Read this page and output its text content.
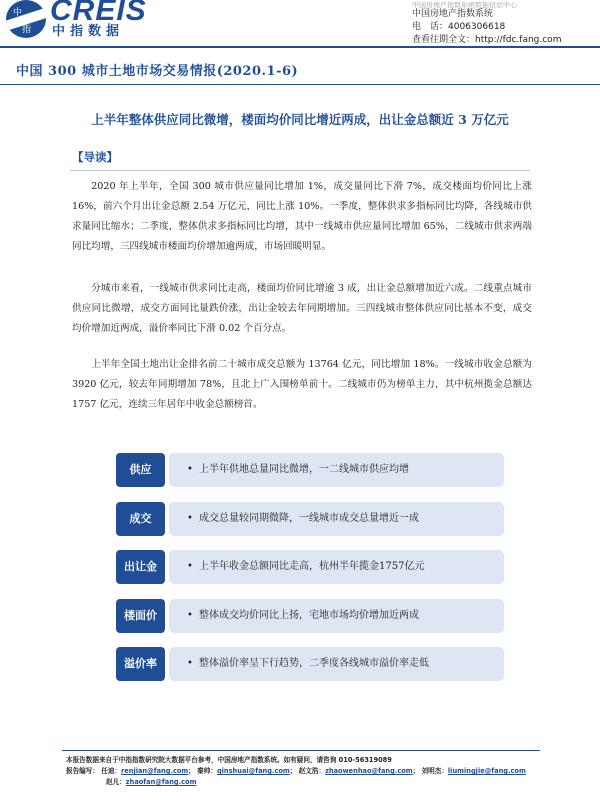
中
指
CREIS
中指数据
中国房地产指数系统数据信息中心
中国房地产指数系统
电　话：4006306618
查看往期全文：http://fdc.fang.com
中国 300 城市土地市场交易情报(2020.1-6)
上半年整体供应同比微增，楼面均价同比增近两成，出让金总额近 3 万亿元
【导读】

2020 年上半年，全国 300 城市供应量同比增加 1%，成交量同比下滑 7%，成交楼面均价同比上涨 16%，前六个月出让金总额 2.54 万亿元，同比上涨 10%。一季度，整体供求多指标同比均降，各线城市供求量同比缩水；二季度，整体供求多指标同比均增，其中一线城市供应量同比增加 65%，二线城市供求两端同比均增，三四线城市楼面均价增加逾两成，市场回暖明显。

分城市来看，一线城市供求同比走高，楼面均价同比增逾 3 成，出让金总额增加近六成。二线重点城市供应同比微增，成交方面同比量跌价涨，出让金较去年同期增加。三四线城市整体供应同比基本不变，成交均价增加近两成，溢价率同比下滑 0.02 个百分点。

上半年全国土地出让金排名前二十城市成交总额为 13764 亿元，同比增加 18%。一线城市收金总额为 3920 亿元，较去年同期增加 78%，且北上广入围榜单前十。二线城市仍为榜单主力，其中杭州揽金总额达 1757 亿元，连续三年居年中收金总额榜首。

供应	• 上半年供地总量同比微增，一二线城市供应均增
成交	• 成交总量较同期微降，一线城市成交总量增近一成
出让金	• 上半年收金总额同比走高，杭州半年揽金1757亿元
楼面价	• 整体成交均价同比上扬，宅地市场均价增加近两成
溢价率	• 整体溢价率呈下行趋势，二季度各线城市溢价率走低
本报告数据来自于中指指数研究院大数据平台参考，中国房地产指数系统。如有疑问，请咨询 010-56319089
报告编写： 任迪：renjian@fang.com； 秦帅：qinshuai@fang.com； 赵文浩：zhaowenhao@fang.com； 刘明杰：liumingjie@fang.com
赵凡：zhaofan@fang.com
